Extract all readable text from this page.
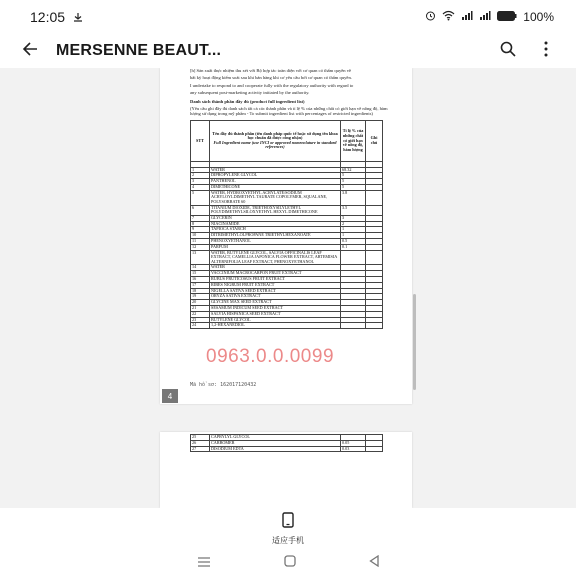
12:05	100%
MERSENNE BEAUT...

[h] Sản xuất thực nhiệm thu xét với Bộ hợp tác toàn diện với cơ quan có thẩm quyền về

bất kỳ hoạt động kiểm soát sau khi bán hàng khi cơ yêu cầu bởi cơ quan có thẩm quyền.

I undertake to respond to and cooperate fully with the regulatory authority with regard to

any subsequent post-marketing activity initiated by the authority.

Danh sách thành phần đầy đủ (product full ingredient list)

(Yêu cầu ghi đầy đủ danh sách tất cả các thành phần và tỉ lệ % của những chất có giới hạn về nồng độ, hàm lượng sử dụng trong mỹ phẩm - To submit ingredient list with percentages of restricted ingredients)

STT	Tên đầy đủ thành phần (tên danh pháp quốc tế hoặc sử dụng tên khoa học chuẩn đã được công nhận)
Full Ingredient name (use INCI or approved nomenclature in standard references)	Tỉ lệ % của những chất có giới hạn về nồng độ, hàm lượng	Ghi chú

1	WATER	68.32	
2	DIPROPYLENE GLYCOL	5	
3	PANTHENOL	5	
4	DIMETHICONE	5	
5	WATER, HYDROXYETHYL ACRYLATE/SODIUM ACRYLOYLDIMETHYL TAURATE COPOLYMER, SQUALANE, POLYSORBATE 60	3.8	
6	TITANIUM DIOXIDE, TRIETHOXYSILYLETHYL POLYDIMETHYLSILOXYETHYL HEXYL DIMETHICONE	3.5	
7	GLYCERIN	3	
8	NIACINAMIDE	2	
9	TAPIOCA STARCH	1	
10	DITRIMETHYLOLPROPANE TRIETHYLHEXANOATE	1	
11	PHENOXYETHANOL	0.5	
12	PARFUM	0.1	
13	WATER, BUTYLENE GLYCOL, SALVIA OFFICINALIS LEAF EXTRACT, CAMELLIA JAPONICA FLOWER EXTRACT, ARTEMISIA ALTERNIFOLIA LEAF EXTRACT, PHENOXYETHANOL		
14	WATER		
15	VACCINIUM MACROCARPON FRUIT EXTRACT		
16	RUBUS FRUTICOSUS FRUIT EXTRACT		
17	RIBES NIGRUM FRUIT EXTRACT		
18	NIGELLA SATIVA SEED EXTRACT		
19	ORYZA SATIVA EXTRACT		
20	GLYCINE MAX SEED EXTRACT		
21	SESAMUM INDICUM SEED EXTRACT		
22	SALVIA HISPANICA SEED EXTRACT		
23	BUTYLENE GLYCOL		
24	1,2-HEXANEDIOL		
0963.0.0.0099
Mã hồ sơ: 162017120432
4
25	CAPRYLYL GLYCOL		
26	CARBOMER	0.05	
27	DISODIUM EDTA	0.03	
适应手机
